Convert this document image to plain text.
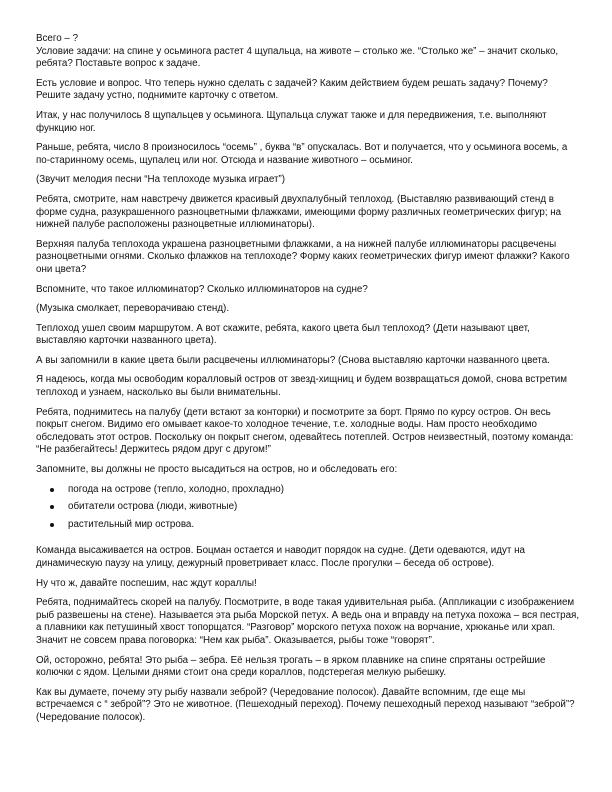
Всего – ?

Условие задачи: на спине у осьминога растет 4 щупальца, на животе – столько же. “Столько же” – значит сколько, ребята? Поставьте вопрос к задаче.

Есть условие и вопрос. Что теперь нужно сделать с задачей? Каким действием будем решать задачу? Почему? Решите задачу устно, поднимите карточку с ответом.

Итак, у нас получилось 8 щупальцев у осьминога. Щупальца служат также и для передвижения, т.е. выполняют функцию ног.

Раньше, ребята, число 8 произносилось “осемь” , буква “в” опускалась. Вот и получается, что у осьминога восемь, а по-старинному осемь, щупалец или ног. Отсюда и название животного – осьминог.

(Звучит мелодия песни “На теплоходе музыка играет”)

Ребята, смотрите, нам навстречу движется красивый двухпалубный теплоход. (Выставляю развивающий стенд в форме судна, разукрашенного разноцветными флажками, имеющими форму различных геометрических фигур; на нижней палубе расположены разноцветные иллюминаторы).

Верхняя палуба теплохода украшена разноцветными флажками, а на нижней палубе иллюминаторы расцвечены разноцветными огнями. Сколько флажков на теплоходе? Форму каких геометрических фигур имеют флажки? Какого они цвета?

Вспомните, что такое иллюминатор? Сколько иллюминаторов на судне?

(Музыка смолкает, переворачиваю стенд).

Теплоход ушел своим маршрутом. А вот скажите, ребята, какого цвета был теплоход? (Дети называют цвет, выставляю карточки названного цвета).

А вы запомнили в какие цвета были расцвечены иллюминаторы? (Снова выставляю карточки названного цвета.

Я надеюсь, когда мы освободим коралловый остров от звезд-хищниц и будем возвращаться домой, снова встретим теплоход и узнаем, насколько вы были внимательны.

Ребята, поднимитесь на палубу (дети встают за конторки) и посмотрите за борт. Прямо по курсу остров. Он весь покрыт снегом. Видимо его омывает какое-то холодное течение, т.е. холодные воды. Нам просто необходимо обследовать этот остров. Поскольку он покрыт снегом, одевайтесь потеплей. Остров неизвестный, поэтому команда: “Не разбегайтесь! Держитесь рядом друг с другом!”

Запомните, вы должны не просто высадиться на остров, но и обследовать его:

погода на острове (тепло, холодно, прохладно)
обитатели острова (люди, животные)
растительный мир острова.

Команда высаживается на остров. Боцман остается и наводит порядок на судне. (Дети одеваются, идут на динамическую паузу на улицу, дежурный проветривает класс. После прогулки – беседа об острове).

Ну что ж, давайте поспешим, нас ждут кораллы!

Ребята, поднимайтесь скорей на палубу. Посмотрите, в воде такая удивительная рыба. (Аппликации с изображением рыб развешены на стене). Называется эта рыба Морской петух. А ведь она и вправду на петуха похожа – вся пестрая, а плавники как петушиный хвост топорщатся. “Разговор” морского петуха похож на ворчание, хрюканье или храп. Значит не совсем права поговорка: “Нем как рыба”. Оказывается, рыбы тоже “говорят”.

Ой, осторожно, ребята! Это рыба – зебра. Её нельзя трогать – в ярком плавнике на спине спрятаны острейшие колючки с ядом. Целыми днями стоит она среди кораллов, подстерегая мелкую рыбешку.

Как вы думаете, почему эту рыбу назвали зеброй? (Чередование полосок). Давайте вспомним, где еще мы встречаемся с “ зеброй”? Это не животное. (Пешеходный переход). Почему пешеходный переход называют “зеброй”? (Чередование полосок).
